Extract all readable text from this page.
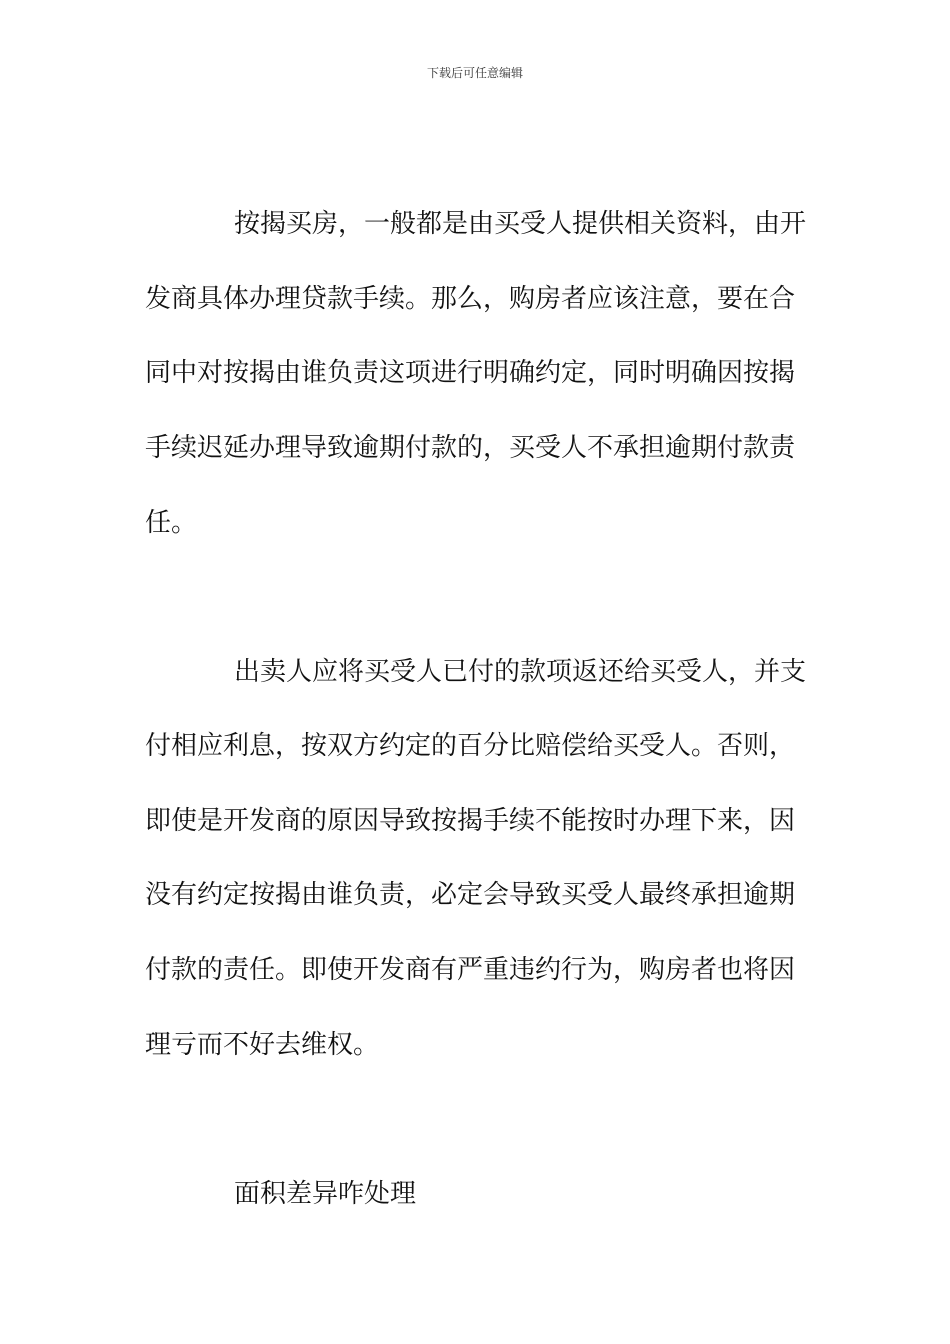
下载后可任意编辑
按揭买房，一般都是由买受人提供相关资料，由开
发商具体办理贷款手续。那么，购房者应该注意，要在合
同中对按揭由谁负责这项进行明确约定，同时明确因按揭
手续迟延办理导致逾期付款的，买受人不承担逾期付款责
任。
出卖人应将买受人已付的款项返还给买受人，并支
付相应利息，按双方约定的百分比赔偿给买受人。否则，
即使是开发商的原因导致按揭手续不能按时办理下来，因
没有约定按揭由谁负责，必定会导致买受人最终承担逾期
付款的责任。即使开发商有严重违约行为，购房者也将因
理亏而不好去维权。
面积差异咋处理
